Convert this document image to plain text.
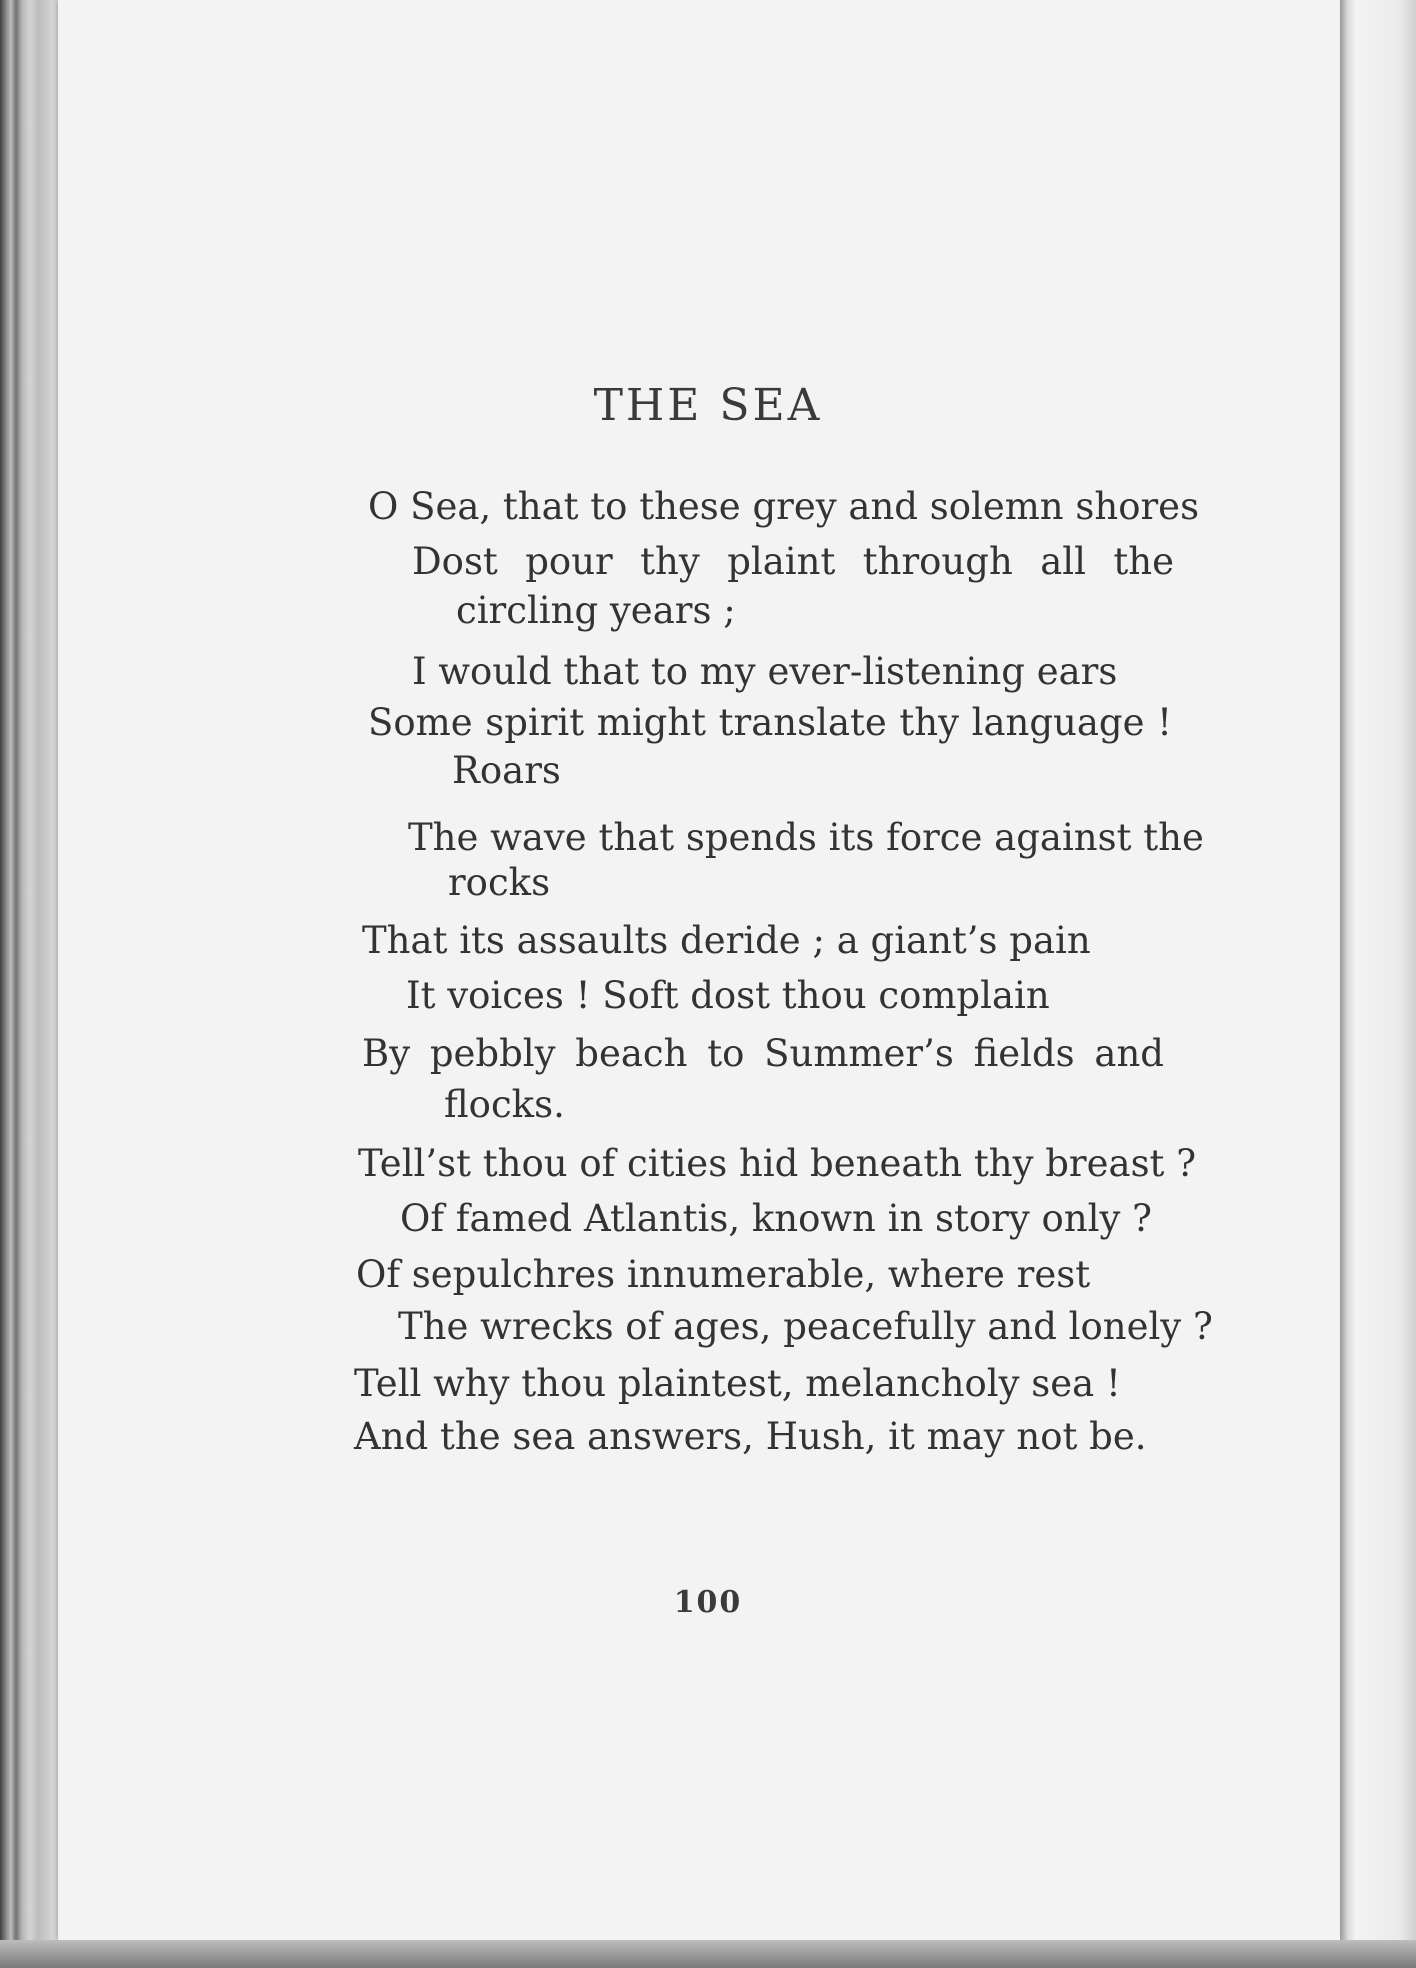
THE SEA
O Sea, that to these grey and solemn shores
Dost pour thy plaint through all the
circling years ;
I would that to my ever-listening ears
Some spirit might translate thy language !
Roars
The wave that spends its force against the
rocks
That its assaults deride ; a giant’s pain
It voices ! Soft dost thou complain
By pebbly beach to Summer’s fields and
flocks.
Tell’st thou of cities hid beneath thy breast ?
Of famed Atlantis, known in story only ?
Of sepulchres innumerable, where rest
The wrecks of ages, peacefully and lonely ?
Tell why thou plaintest, melancholy sea !
And the sea answers, Hush, it may not be.
100
